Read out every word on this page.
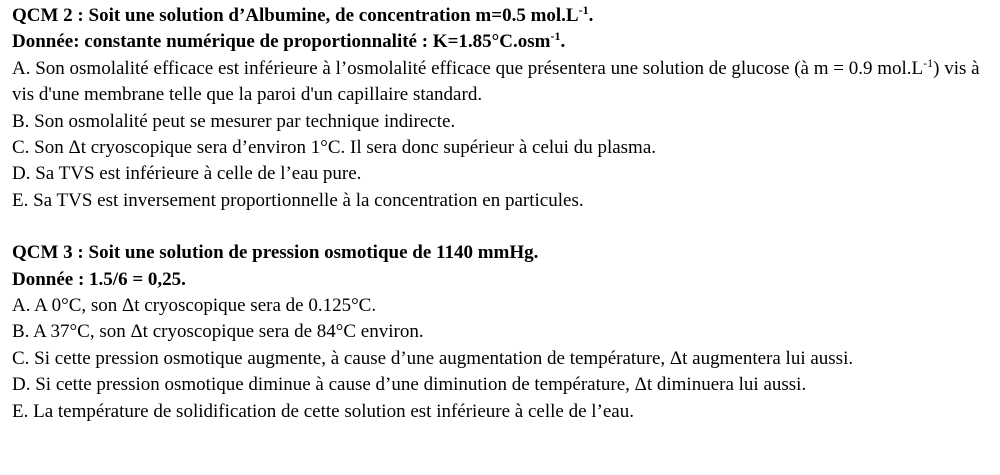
QCM 2 : Soit une solution d’Albumine, de concentration m=0.5 $mol.L^{-1}$.
Donnée: constante numérique de proportionnalité : K=1.85°C.osm$^{-1}$.
A. Son osmolalité efficace est inférieure à l’osmolalité efficace que présentera une solution de glucose (à m = 0.9 $mol.L^{-1}$) vis à vis d'une membrane telle que la paroi d'un capillaire standard.
B. Son osmolalité peut se mesurer par technique indirecte.
C. Son Δt cryoscopique sera d’environ 1°C. Il sera donc supérieur à celui du plasma.
D. Sa TVS est inférieure à celle de l’eau pure.
E. Sa TVS est inversement proportionnelle à la concentration en particules.
QCM 3 : Soit une solution de pression osmotique de 1140 mmHg.
Donnée : 1.5/6 = 0,25.
A. A 0°C, son Δt cryoscopique sera de 0.125°C.
B. A 37°C, son Δt cryoscopique sera de 84°C environ.
C. Si cette pression osmotique augmente, à cause d’une augmentation de température, Δt augmentera lui aussi.
D. Si cette pression osmotique diminue à cause d’une diminution de température, Δt diminuera lui aussi.
E. La température de solidification de cette solution est inférieure à celle de l’eau.
